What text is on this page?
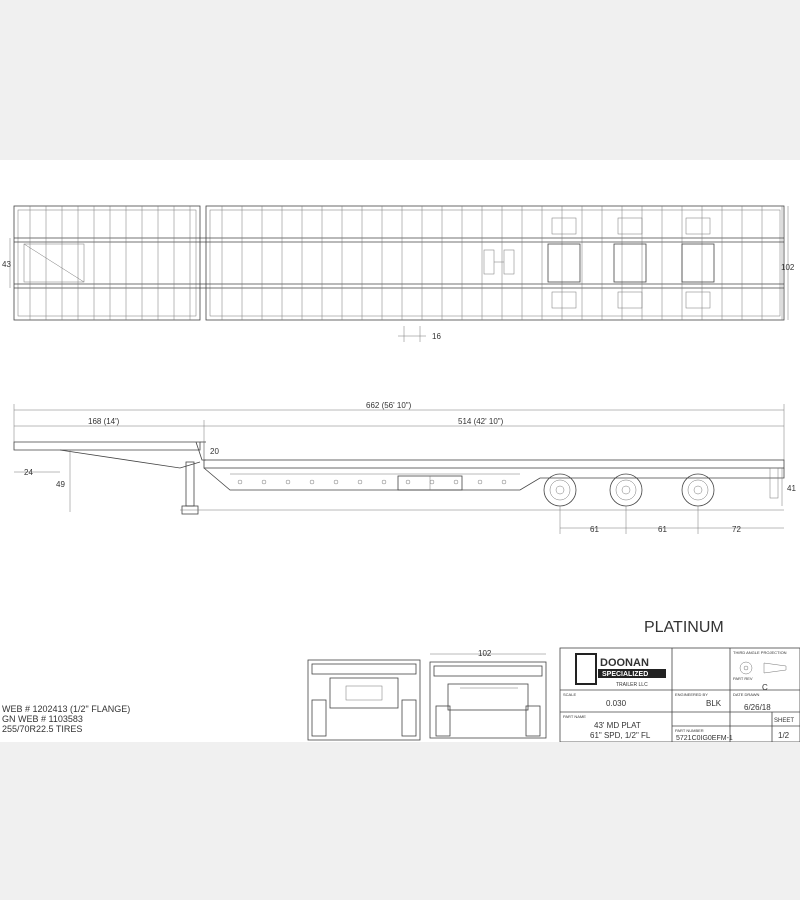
43	102
16
662 (56' 10")
168 (14')	514 (42' 10")
20
24
49	41
61	61	72
PLATINUM
102
WEB # 1202413 (1/2" FLANGE)
GN WEB # 1103583
255/70R22.5 TIRES
DOONAN
SPECIALIZED
TRAILER LLC
SCALE
0.030
PART NAME
43' MD PLAT
61" SPD, 1/2" FL
ENGINEERED BY
BLK
DATE DRAWN
6/26/18
PART REV
C
THIRD ANGLE PROJECTION
PART NUMBER
5721C0IG0EFM-1
SHEET
1/2
